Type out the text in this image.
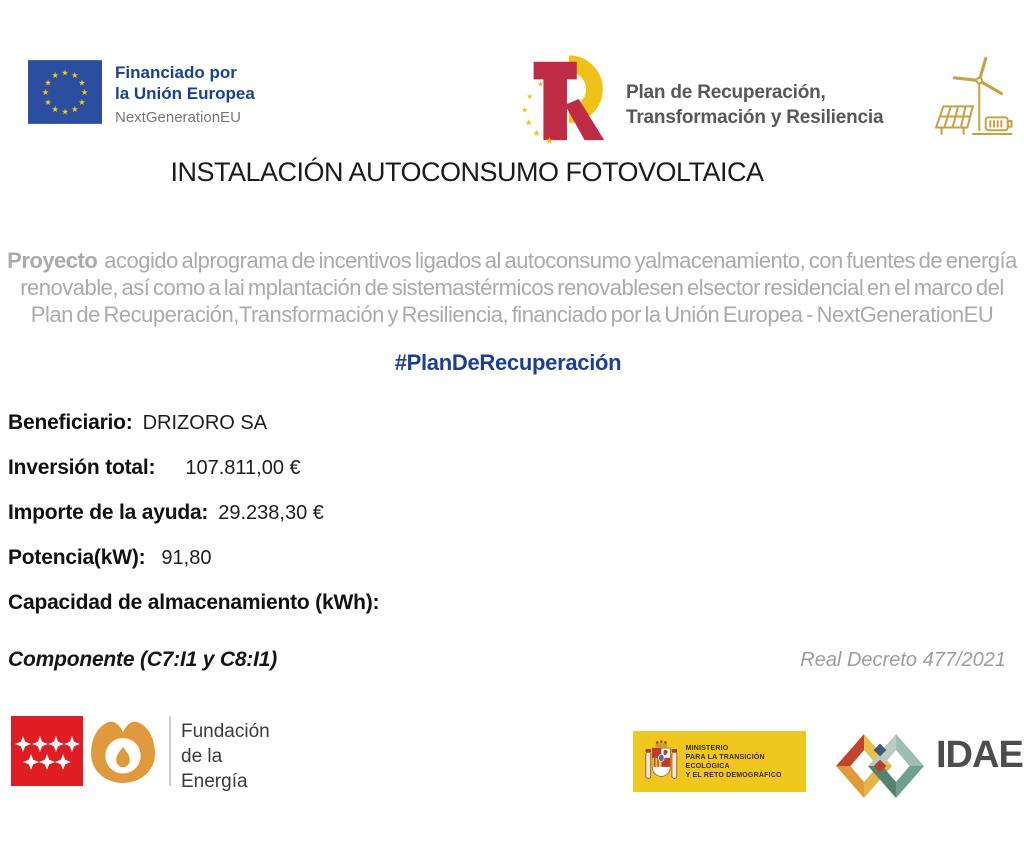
★ ★
★
★
★
★
★
★
★
★
★
★	Financiado por
la Unión Europea
NextGenerationEU
★
★
★
★
★
★
Plan de Recuperación,
Transformación y Resiliencia
INSTALACIÓN AUTOCONSUMO FOTOVOLTAICA
Proyecto acogido alprograma de incentivos ligados al autoconsumo yalmacenamiento, con fuentes de energía
renovable, así como a lai mplantación de sistemastérmicos renovablesen elsector residencial en el marco del
Plan de Recuperación,Transformación y Resiliencia, financiado por la Unión Europea - NextGenerationEU
#PlanDeRecuperación
Beneficiario: DRIZORO SA
Inversión total: 107.811,00 €
Importe de la ayuda: 29.238,30 €
Potencia(kW): 91,80
Capacidad de almacenamiento (kWh):
Componente (C7:I1 y C8:I1)	Real Decreto 477/2021
Fundación
de la
Energía
MINISTERIO
PARA LA TRANSICIÓN ECOLÓGICA
Y EL RETO DEMOGRÁFICO	IDAE
